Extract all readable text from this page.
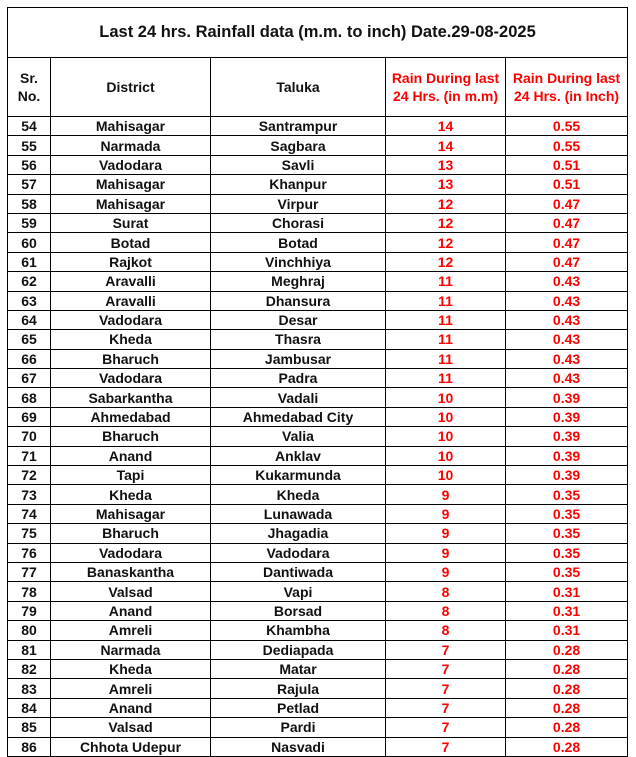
Last 24 hrs. Rainfall data (m.m. to inch) Date.29-08-2025				
Sr. No.	District	Taluka	Rain During last 24 Hrs. (in m.m)	Rain During last 24 Hrs. (in Inch)
54	Mahisagar	Santrampur	14	0.55
55	Narmada	Sagbara	14	0.55
56	Vadodara	Savli	13	0.51
57	Mahisagar	Khanpur	13	0.51
58	Mahisagar	Virpur	12	0.47
59	Surat	Chorasi	12	0.47
60	Botad	Botad	12	0.47
61	Rajkot	Vinchhiya	12	0.47
62	Aravalli	Meghraj	11	0.43
63	Aravalli	Dhansura	11	0.43
64	Vadodara	Desar	11	0.43
65	Kheda	Thasra	11	0.43
66	Bharuch	Jambusar	11	0.43
67	Vadodara	Padra	11	0.43
68	Sabarkantha	Vadali	10	0.39
69	Ahmedabad	Ahmedabad City	10	0.39
70	Bharuch	Valia	10	0.39
71	Anand	Anklav	10	0.39
72	Tapi	Kukarmunda	10	0.39
73	Kheda	Kheda	9	0.35
74	Mahisagar	Lunawada	9	0.35
75	Bharuch	Jhagadia	9	0.35
76	Vadodara	Vadodara	9	0.35
77	Banaskantha	Dantiwada	9	0.35
78	Valsad	Vapi	8	0.31
79	Anand	Borsad	8	0.31
80	Amreli	Khambha	8	0.31
81	Narmada	Dediapada	7	0.28
82	Kheda	Matar	7	0.28
83	Amreli	Rajula	7	0.28
84	Anand	Petlad	7	0.28
85	Valsad	Pardi	7	0.28
86	Chhota Udepur	Nasvadi	7	0.28
